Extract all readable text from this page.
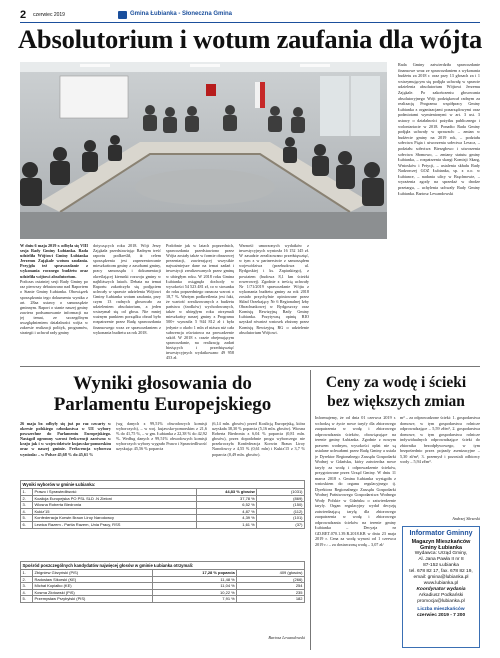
2 czerwiec 2019	Gmina Łubianka - Słoneczna Gmina
Absolutorium i wotum zaufania dla wójta

W dniu 6 maja 2019 r. odbyła się VIII sesja Rady Gminy Łubianka. Rada udzieliła Wójtowi Gminy Łubianka Jerzemu Zająkale wotum zaufania. Przyjęła też sprawozdanie z wykonania rocznego budżetu oraz udzieliła wójtowi absolutorium.

Podczas ostatniej sesji Rady Gminy po raz pierwszy debatowano nad Raportem o Stanie Gminy Łubianka. Obowiązek sporządzania tego dokumentu wynika z art. 28aa ustawy o samorządzie gminnym. Raport o stanie naszej gminy zawiera podsumowanie informacji na jej temat, ze szczególnym uwzględnieniem działalności wójta w zakresie realizacji polityk, programów, strategii i uchwał rady gminy

dotyczących roku 2018. Wójt Jerzy Zająkała przedstawiając Radnym treść raportu podkreślił, iż celem sporządzenia jest zaprezentowanie mieszkańcom gminy z zasobami gminy, pracy samorządu i dokumentacji określającej kierunki rozwoju gminy w najbliższych latach. Debata na temat Raportu zakończyła się podjęciem uchwały w sprawie udzielenia Wójtowi Gminy Łubianka wotum zaufania, przy czym 13 radnych głosowało za udzieleniem absolutorium, a jeden wstrzymał się od głosu. Nie mniej ważnym punktem porządku obrad było rozpatrzenie przez Radę sprawozdania finansowego wraz ze sprawozdaniem z wykonania budżetu za rok 2018.
Podobnie jak w latach poprzednich, sprawozdania przedstawiono przez Wójta zostały także w formie obrazowej prezentacji, zawierającej wszystkie najważniejsze dane na temat zadań i inwestycji zrealizowanych przez gminę w ubiegłym roku. W 2018 roku Gmina Łubianka osiągnęła dochody w wysokości 54 523 481 zł, co w stosunku do roku poprzedniego oznacza wzrost o 18,7 %. Wartym podkreślenia jest fakt, że wartość zrealizowanych z budżetu państwa (środków) wychodowanych, także w ubiegłym roku otrzymali mieszkańcy naszej gminy z Programu 500+ wynosiła 5 944 812 zł i była jedynie o około 1 mln zł niższa niż cała subwencja oświatowa na prowadzenie szkół. W 2018 r. crazie obejmującym sprawozdanie, na realizację zadań bieżących i przedsięwzięć inwestycyjnych wydatkowano 49 958 453 zł.
Warność umorzonych wydatków z inwestycyjnych wyniosła 16 152 145 zł. W zasadzie zrealizowano przedsięwzięć, w tym z w partnerstwie z samorządem województwa (przebudowa ul. Bydgoskiej i ks. Zapiaskiego), z powiatem (budowa 8,1 km ścieżki rowerowej). Zgodnie z treścią uchwały Nr 1/71/2019 sprawozdanie Wójta z wykonania budżetu gminy za rok 2018 zostało przychylnie opiniowane przez Skład Orzekający Nr 6 Regionalnej Izby Obrachunkowej w Bydgoszczy oraz Komisję Rewizyjną Rady Gminy Łubianka. Pozytywną opinię RIO uzyskał również wniosek złożony przez Komisję Rewizyjną RG o udzielenie absolutorium Wójtowi.
Rada Gminy zatwierdziła sprawozdanie finansowe wraz ze sprawozdaniem z wykonania budżetu za 2018 r. oraz przy 13 głosach za i 1 wstrzymującym się podjęła uchwałę w sprawie udzielenia absolutorium Wójtowi Jerzemu Zająkale. Po zakończeniu głosowania absolutoryjnego Wójt podziękował radnym za realizację Programu współpracy Gminy Łubianka z organizacjami pozarządowymi oraz podmiotami wymienionymi w art. 3 ust. 3 ustawy o działalności pożytku publicznego i wolontariacie w 2018. Ponadto Rada Gminy podjęła uchwały w sprawach: – zmian w budżecie gminy na 2019 rok, – podziału sołectwa Piąta i utworzenia sołectwa Leszcz, – podziału sołectwa Bierzgłowo i utworzenia sołectwa Słomowo, – zmiany statutu gminy Łubianka, – rozpatrzenia skargi Komisji Skarg, Wniosków i Petycji, – ustalenia składu Rady Nadzorczej GOZ Łubianka, sp. z o.o. w Łubiance, – nadania ulicy w Brąchnowie, – wyrażenia zgody na sprzedaż w drodze przetargu, – uchylenia uchwały Rady Gminy Łubianka. Bartosz Lewandowski
Wyniki głosowania do
Parlamentu Europejskiego
26 maja br. odbyły się już po raz czwarty w okresie polskiego członkostwa w UE wybory powszechne do Parlamentu Europejskiego. Nastąpił ogromny wzrost frekwencji zarówno w kraju jak i w województwie kujawsko-pomorskim oraz w naszej gminie. Frekwencja wyborcza wyniosła: – w Polsce 45,68 % do 45,61 %
(wg danych z 99,51% obwodowych komisji wyborczych), – w woj. kujawsko-pomorskim z 21,6 % do 41,75 %, – w gm. Łubianka z 22,38 % do 42,92 %. Według danych z 99,51% obwodowych komisji wyborczych wybory wygrało Prawo i Sprawiedliwość uzyskując 45,56 % poparcia
(6,14 mln. głosów) przed Koalicją Europejską, która uzyskała 38,30 % poparcia (5,16 mln. głosów). Wiosna Roberta Biedronia z 6,04 % poparcia (0,81 mln. głosów), przez dopodobnie progu wyborczego nie przekroczyła Konfederacja Korwin Braun Liroy Narodowcy z 4,55 % (0,61 mln) i Kukiz'15 z 3,7 % poparcia (0,49 mln. głosów).
Wyniki wyborów w gminie Łubianka:
1.	Prawo i Sprawiedliwość	44,83 % głosów	(1031)
2.	Koalicja Europejska PO PSL SLD .N Zieloni	37,78 %	(869)
3.	Wiosna Roberta Biedronia	6,52 %	(150)
4.	Kukiz'15	4,87 %	(112)
5.	Konfederacja Korwin Braun Liroy Narodowcy	4,39 %	(101)
6.	Lewica Razem - Partia Razem, Unia Pracy, RSS	1,61 %	(37)
Spośród poszczególnych kandydatów najwięcej głosów w gminie Łubianka otrzymali:
1.	Zbigniew Girzyński (PiS)	17,28 % poparcia	409 (głosów)
2.	Radosław Sikorski (KE)	11,48 %	(266)
3.	Michał Kopiałko (KE)	11,04 %	254
4.	Kosma Złotowski (PiS)	10,22 %	235
5.	Przemysław Przybylski (PIS)	7,91 %	182
Bartosz Lewandowski
Ceny za wodę i ścieki
bez większych zmian
Informujemy, że od dnia 01 czerwca 2019 r. wchodzą w życie nowe taryfy dla zbiorowego zaopatrzenia w wodę i zbiorowego odprowadzania ścieków, obowiązujące na terenie gminy Łubianka. Zgodnie z nowym prawem wodnym, wysokości opłat nie są ustalane uchwałami przez Radę Gminy a ustala je Dyrektor Regionalnego Zarządu Gospodarki Wodnej w Gdańsku, który zatwierdza nowe taryfy za wodę i odprowadzenie ścieków, przygotowane przez Urząd Gminy. W dniu 11 marca 2018 r. Gmina Łubianka wystąpiła z wnioskiem do organu regulacyjnego tj. Dyrektora Regionalnego Zarządu Gospodarki Wodnej Państwowego Gospodarstwa Wodnego Wody Polskie w Gdańsku o zatwierdzenie taryfy. Organ regulacyjny wydał decyzję zatwierdzającą taryfę dla zbiorowego zaopatrzenia w wodę i zbiorowego odprowadzania ścieków na terenie gminy Łubianka – Decyzja nr GD.RET.070.1.39.R.2018.KB w dniu 23 maja 2019 r. Cena za wodę wynosi od 1 czerwca 2019 r.: – za dostarczoną wodę – 3,07 zł/
m³ – za odprowadzone ścieki: 1. gospodarstwa domowe, w tym gospodarstwa rolnicze odprowadzające – 5,59 zł/m³, 2. gospodarstwa domowe, w tym gospodarstwa rolnicze indywidualnych odprowadzające ścieki do zbiornika bezodpływowego, w tym bezpośrednio przez pojazdy asenizacyjne – 5,30 zł/m³, 3. przemysł i pozostali odbiorcy wody – 5,94 zł/m³.
Andrzej Skrzeski
Informator Gminny
Magazyn Mieszkańców
Gminy Łubianka
Wydawca: Urząd Gminy,
Al. Jana Pawła II nr 8
87-152 Łubianka
tel. 678 82 17, fax. 678 82 19,
email: gmina@lubianka.pl
www.lubianka.pl
Koordynator wydania
Arkadiusz Podkański
promocja@lubianka.pl
Liczba mieszkańców
czerwiec 2019 - 7 200
